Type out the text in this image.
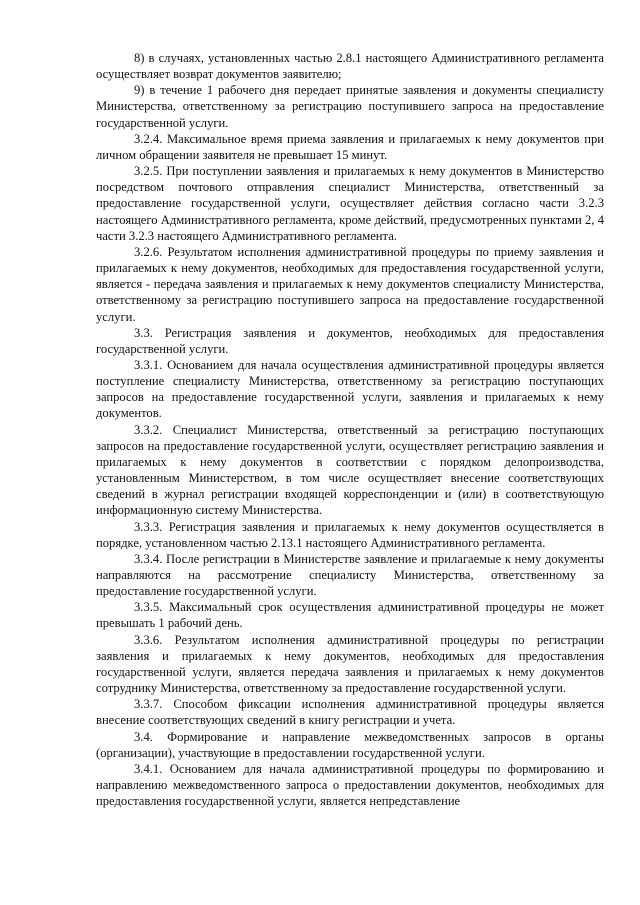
8) в случаях, установленных частью 2.8.1 настоящего Административного регламента осуществляет возврат документов заявителю;

9) в течение 1 рабочего дня передает принятые заявления и документы специалисту Министерства, ответственному за регистрацию поступившего запроса на предоставление государственной услуги.

3.2.4. Максимальное время приема заявления и прилагаемых к нему документов при личном обращении заявителя не превышает 15 минут.

3.2.5. При поступлении заявления и прилагаемых к нему документов в Министерство посредством почтового отправления специалист Министерства, ответственный за предоставление государственной услуги, осуществляет действия согласно части 3.2.3 настоящего Административного регламента, кроме действий, предусмотренных пунктами 2, 4 части 3.2.3 настоящего Административного регламента.

3.2.6. Результатом исполнения административной процедуры по приему заявления и прилагаемых к нему документов, необходимых для предоставления государственной услуги, является - передача заявления и прилагаемых к нему документов специалисту Министерства, ответственному за регистрацию поступившего запроса на предоставление государственной услуги.

3.3. Регистрация заявления и документов, необходимых для предоставления государственной услуги.

3.3.1. Основанием для начала осуществления административной процедуры является поступление специалисту Министерства, ответственному за регистрацию поступающих запросов на предоставление государственной услуги, заявления и прилагаемых к нему документов.

3.3.2. Специалист Министерства, ответственный за регистрацию поступающих запросов на предоставление государственной услуги, осуществляет регистрацию заявления и прилагаемых к нему документов в соответствии с порядком делопроизводства, установленным Министерством, в том числе осуществляет внесение соответствующих сведений в журнал регистрации входящей корреспонденции и (или) в соответствующую информационную систему Министерства.

3.3.3. Регистрация заявления и прилагаемых к нему документов осуществляется в порядке, установленном частью 2.13.1 настоящего Административного регламента.

3.3.4. После регистрации в Министерстве заявление и прилагаемые к нему документы направляются на рассмотрение специалисту Министерства, ответственному за предоставление государственной услуги.

3.3.5. Максимальный срок осуществления административной процедуры не может превышать 1 рабочий день.

3.3.6. Результатом исполнения административной процедуры по регистрации заявления и прилагаемых к нему документов, необходимых для предоставления государственной услуги, является передача заявления и прилагаемых к нему документов сотруднику Министерства, ответственному за предоставление государственной услуги.

3.3.7. Способом фиксации исполнения административной процедуры является внесение соответствующих сведений в книгу регистрации и учета.

3.4. Формирование и направление межведомственных запросов в органы (организации), участвующие в предоставлении государственной услуги.

3.4.1. Основанием для начала административной процедуры по формированию и направлению межведомственного запроса о предоставлении документов, необходимых для предоставления государственной услуги, является непредставление
